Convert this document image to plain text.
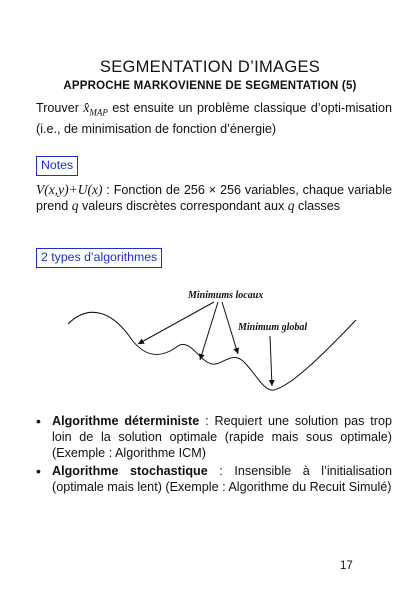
SEGMENTATION D’IMAGES
APPROCHE MARKOVIENNE DE SEGMENTATION (5)
Trouver $x̂_{MAP}$ est ensuite un problème classique d’opti-misation (i.e., de minimisation de fonction d’énergie)
Notes
V(x,y)+U(x) : Fonction de 256 × 256 variables, chaque variable prend q valeurs discrètes correspondant aux q classes
2 types d’algorithmes
Minimums locaux
Minimum global
• Algorithme déterministe : Requiert une solution pas trop loin de la solution optimale (rapide mais sous optimale) (Exemple : Algorithme ICM)
• Algorithme stochastique : Insensible à l’initialisation (optimale mais lent) (Exemple : Algorithme du Recuit Simulé)
17
